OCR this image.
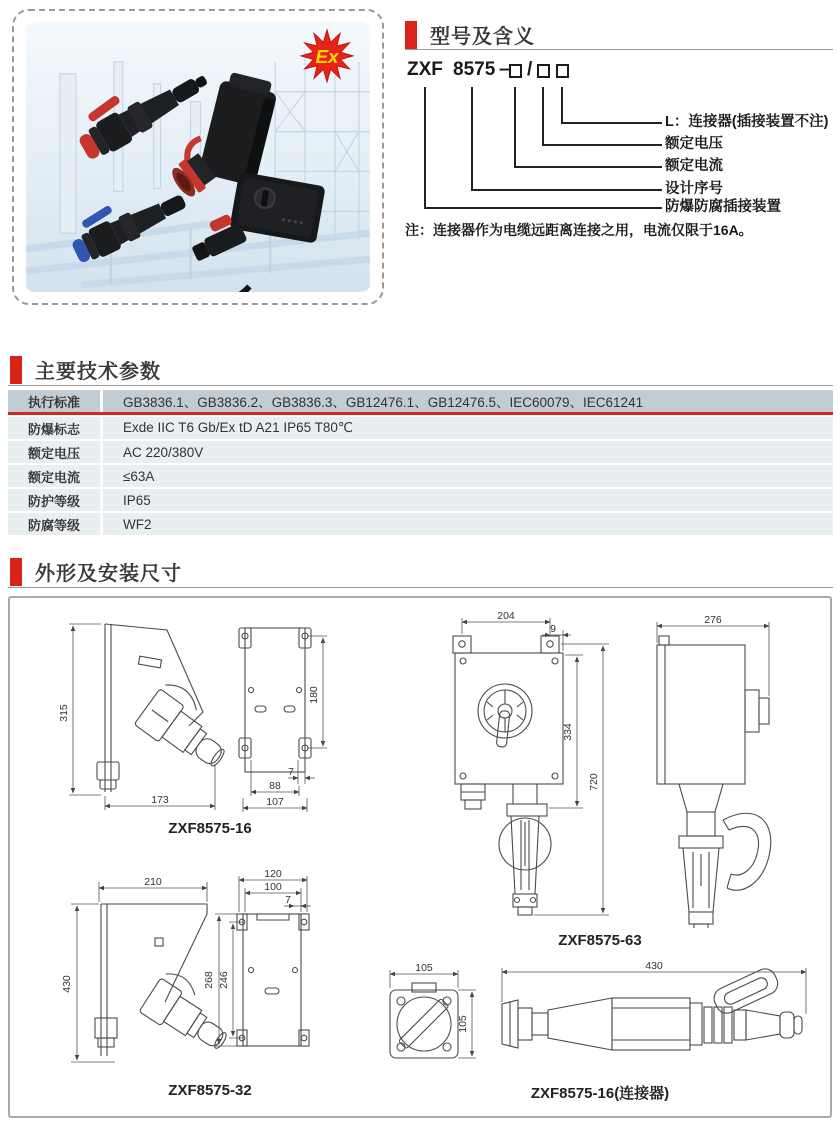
Ex
型号及含义
ZXF 8575 – /
L：连接器(插接装置不注)
额定电压
额定电流
设计序号
防爆防腐插接装置
注：连接器作为电缆远距离连接之用，电流仅限于16A。
主要技术参数
执行标准	GB3836.1、GB3836.2、GB3836.3、GB12476.1、GB12476.5、IEC60079、IEC61241
防爆标志	Exde IIC T6 Gb/Ex tD A21 IP65 T80℃
额定电压	AC 220/380V
额定电流	≤63A
防护等级	IP65
防腐等级	WF2
外形及安装尺寸
315
173
180
7
88
107
ZXF8575-16
204
9
334
720
276
ZXF8575-63
210
430
120
100
7
268 246
ZXF8575-32
105
105
430
ZXF8575-16(连接器)
